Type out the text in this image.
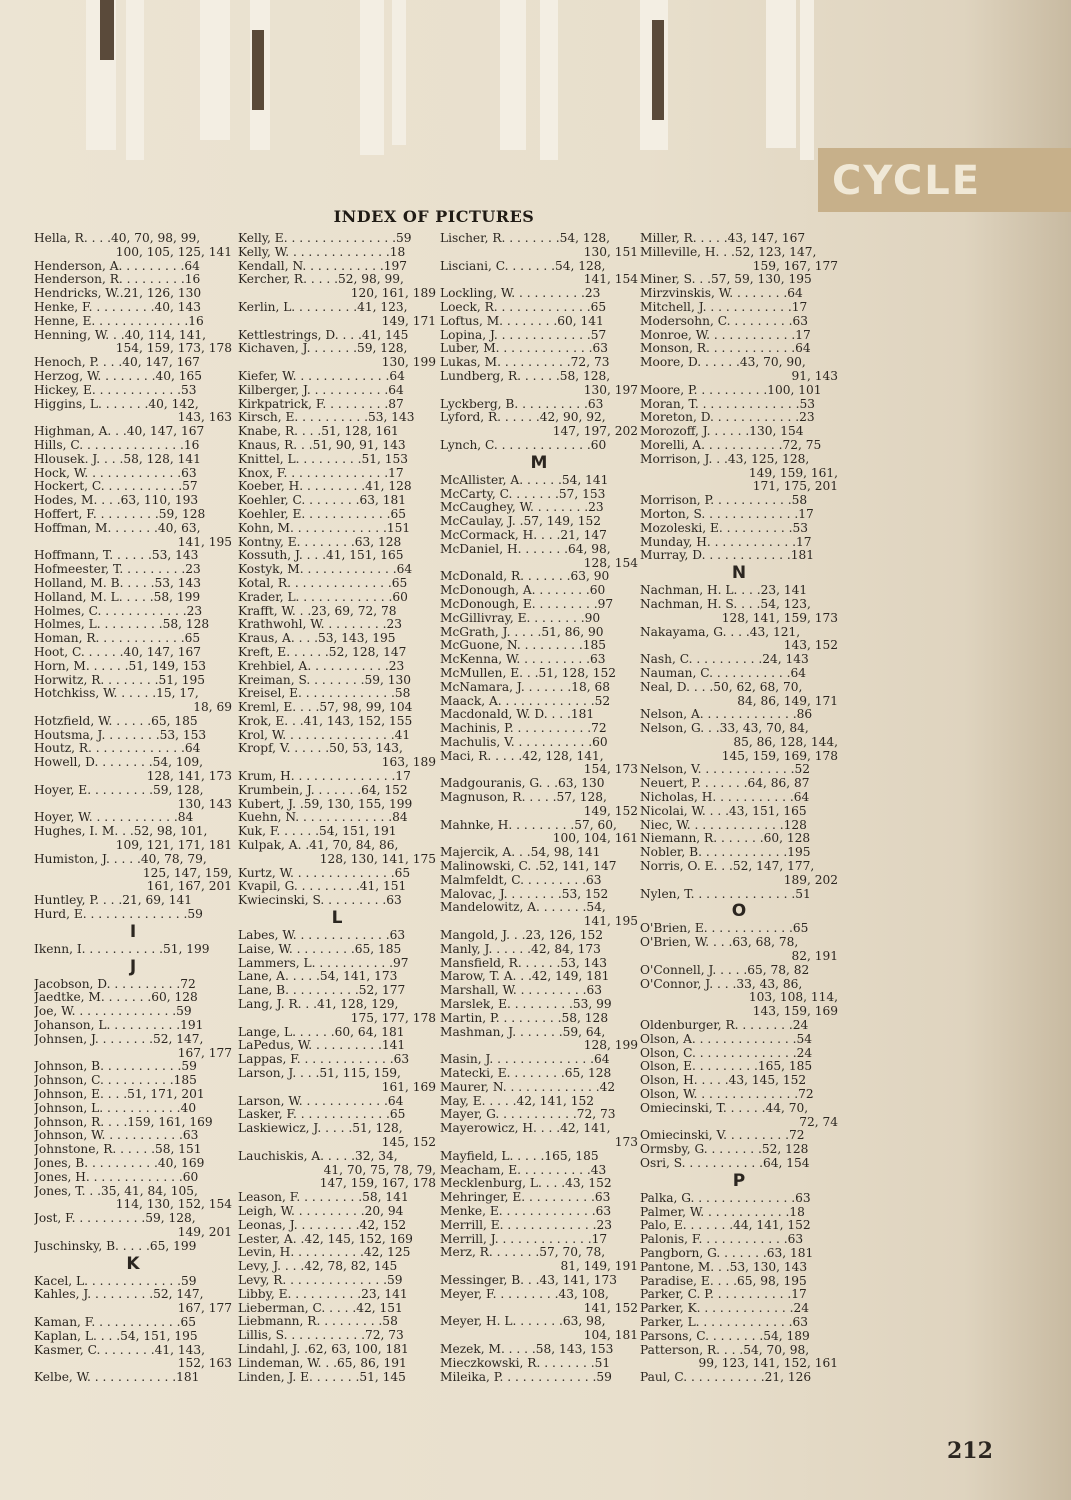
CYCLE
INDEX OF PICTURES
Hella, R. . . .40, 70, 98, 99,
100, 105, 125, 141
Henderson, A. . . . . . . . .64
Henderson, R. . . . . . . . .16
Hendricks, W..21, 126, 130
Henke, F. . . . . . . . .40, 143
Henne, E. . . . . . . . . . . . .16
Henning, W. . .40, 114, 141,
154, 159, 173, 178
Henoch, P. . . .40, 147, 167
Herzog, W. . . . . . . .40, 165
Hickey, E. . . . . . . . . . . .53
Higgins, L. . . . . . .40, 142,
143, 163
Highman, A. . .40, 147, 167
Hills, C. . . . . . . . . . . . . .16
Hlousek. J. . . .58, 128, 141
Hock, W. . . . . . . . . . . . .63
Hockert, C. . . . . . . . . . .57
Hodes, M. . . .63, 110, 193
Hoffert, F. . . . . . . . .59, 128
Hoffman, M. . . . . . .40, 63,
141, 195
Hoffmann, T. . . . . .53, 143
Hofmeester, T. . . . . . . . .23
Holland, M. B. . . . .53, 143
Holland, M. L. . . . .58, 199
Holmes, C. . . . . . . . . . . .23
Holmes, L. . . . . . . . .58, 128
Homan, R. . . . . . . . . . . .65
Hoot, C. . . . . .40, 147, 167
Horn, M. . . . . .51, 149, 153
Horwitz, R. . . . . . . .51, 195
Hotchkiss, W. . . . . .15, 17,
18, 69
Hotzfield, W. . . . . .65, 185
Houtsma, J. . . . . . . .53, 153
Houtz, R. . . . . . . . . . . . .64
Howell, D. . . . . . . .54, 109,
128, 141, 173
Hoyer, E. . . . . . . . .59, 128,
130, 143
Hoyer, W. . . . . . . . . . . .84
Hughes, I. M. . .52, 98, 101,
109, 121, 171, 181
Humiston, J. . . . .40, 78, 79,
125, 147, 159,
161, 167, 201
Huntley, P. . . .21, 69, 141
Hurd, E. . . . . . . . . . . . . .59
I
Ikenn, I. . . . . . . . . . .51, 199
J
Jacobson, D. . . . . . . . . .72
Jaedtke, M. . . . . . .60, 128
Joe, W. . . . . . . . . . . . . .59
Johanson, L. . . . . . . . . .191
Johnsen, J. . . . . . . .52, 147,
167, 177
Johnson, B. . . . . . . . . . .59
Johnson, C. . . . . . . . . .185
Johnson, E. . . .51, 171, 201
Johnson, L. . . . . . . . . . .40
Johnson, R. . . .159, 161, 169
Johnson, W. . . . . . . . . . .63
Johnstone, R. . . . . .58, 151
Jones, B. . . . . . . . . .40, 169
Jones, H. . . . . . . . . . . . .60
Jones, T. . .35, 41, 84, 105,
114, 130, 152, 154
Jost, F. . . . . . . . . .59, 128,
149, 201
Juschinsky, B. . . . .65, 199
K
Kacel, L. . . . . . . . . . . . .59
Kahles, J. . . . . . . . .52, 147,
167, 177
Kaman, F. . . . . . . . . . . .65
Kaplan, L. . . .54, 151, 195
Kasmer, C. . . . . . . .41, 143,
152, 163
Kelbe, W. . . . . . . . . . . .181
Kelly, E. . . . . . . . . . . . . . .59
Kelly, W. . . . . . . . . . . . . .18
Kendall, N. . . . . . . . . . .197
Kercher, R. . . . .52, 98, 99,
120, 161, 189
Kerlin, L. . . . . . . . .41, 123,
149, 171
Kettlestrings, D. . . .41, 145
Kichaven, J. . . . . . .59, 128,
130, 199
Kiefer, W. . . . . . . . . . . . .64
Kilberger, J. . . . . . . . . . .64
Kirkpatrick, F. . . . . . . . .87
Kirsch, E. . . . . . . . . .53, 143
Knabe, R. . . .51, 128, 161
Knaus, R. . .51, 90, 91, 143
Knittel, L. . . . . . . . .51, 153
Knox, F. . . . . . . . . . . . . .17
Koeber, H. . . . . . . . .41, 128
Koehler, C. . . . . . . .63, 181
Koehler, E. . . . . . . . . . . .65
Kohn, M. . . . . . . . . . . . .151
Kontny, E. . . . . . . .63, 128
Kossuth, J. . . .41, 151, 165
Kostyk, M. . . . . . . . . . . . .64
Kotal, R. . . . . . . . . . . . . .65
Krader, L. . . . . . . . . . . . .60
Krafft, W. . .23, 69, 72, 78
Krathwohl, W. . . . . . . . .23
Kraus, A. . . .53, 143, 195
Kreft, E. . . . . .52, 128, 147
Krehbiel, A. . . . . . . . . . .23
Kreiman, S. . . . . . . .59, 130
Kreisel, E. . . . . . . . . . . . .58
Kreml, E. . . .57, 98, 99, 104
Krok, E. . .41, 143, 152, 155
Krol, W. . . . . . . . . . . . . . .41
Kropf, V. . . . . .50, 53, 143,
163, 189
Krum, H. . . . . . . . . . . . . .17
Krumbein, J. . . . . . .64, 152
Kubert, J. .59, 130, 155, 199
Kuehn, N. . . . . . . . . . . . .84
Kuk, F. . . . . .54, 151, 191
Kulpak, A. .41, 70, 84, 86,
128, 130, 141, 175
Kurtz, W. . . . . . . . . . . . . .65
Kvapil, G. . . . . . . . .41, 151
Kwiecinski, S. . . . . . . . .63
L
Labes, W. . . . . . . . . . . . .63
Laise, W. . . . . . . . .65, 185
Lammers, L. . . . . . . . . . .97
Lane, A. . . . .54, 141, 173
Lane, B. . . . . . . . . .52, 177
Lang, J. R. . .41, 128, 129,
175, 177, 178
Lange, L. . . . . .60, 64, 181
LaPedus, W. . . . . . . . . .141
Lappas, F. . . . . . . . . . . . .63
Larson, J. . . .51, 115, 159,
161, 169
Larson, W. . . . . . . . . . . .64
Lasker, F. . . . . . . . . . . . .65
Laskiewicz, J. . . . .51, 128,
145, 152
Lauchiskis, A. . . . .32, 34,
41, 70, 75, 78, 79,
147, 159, 167, 178
Leason, F. . . . . . . . .58, 141
Leigh, W. . . . . . . . . .20, 94
Leonas, J. . . . . . . . .42, 152
Lester, A. .42, 145, 152, 169
Levin, H. . . . . . . . . .42, 125
Levy, J. . . .42, 78, 82, 145
Levy, R. . . . . . . . . . . . . .59
Libby, E. . . . . . . . . .23, 141
Lieberman, C. . . . .42, 151
Liebmann, R. . . . . . . . .58
Lillis, S. . . . . . . . . . .72, 73
Lindahl, J. .62, 63, 100, 181
Lindeman, W. . .65, 86, 191
Linden, J. E. . . . . . .51, 145
Lischer, R. . . . . . . .54, 128,
130, 151
Lisciani, C. . . . . . .54, 128,
141, 154
Lockling, W. . . . . . . . . .23
Loeck, R. . . . . . . . . . . . .65
Loftus, M. . . . . . . .60, 141
Lopina, J. . . . . . . . . . . . .57
Luber, M. . . . . . . . . . . . .63
Lukas, M. . . . . . . . . .72, 73
Lundberg, R. . . . . .58, 128,
130, 197
Lyckberg, B. . . . . . . . . .63
Lyford, R. . . . . .42, 90, 92,
147, 197, 202
Lynch, C. . . . . . . . . . . . .60
M
McAllister, A. . . . . .54, 141
McCarty, C. . . . . . .57, 153
McCaughey, W. . . . . . . .23
McCaulay, J. .57, 149, 152
McCormack, H. . . .21, 147
McDaniel, H. . . . . . .64, 98,
128, 154
McDonald, R. . . . . . .63, 90
McDonough, A. . . . . . . .60
McDonough, E. . . . . . . . .97
McGillivray, E. . . . . . . .90
McGrath, J. . . . .51, 86, 90
McGuone, N. . . . . . . . .185
McKenna, W. . . . . . . . . .63
McMullen, E. . .51, 128, 152
McNamara, J. . . . . . .18, 68
Maack, A. . . . . . . . . . . . .52
Macdonald, W. D. . . .181
Machinis, P. . . . . . . . . . .72
Machulis, V. . . . . . . . . . .60
Maci, R. . . . .42, 128, 141,
154, 173
Madgouranis, G. . .63, 130
Magnuson, R. . . . .57, 128,
149, 152
Mahnke, H. . . . . . . . .57, 60,
100, 104, 161
Majercik, A. . .54, 98, 141
Malinowski, C. .52, 141, 147
Malmfeldt, C. . . . . . . . .63
Malovac, J. . . . . . . .53, 152
Mandelowitz, A. . . . . . .54,
141, 195
Mangold, J. . .23, 126, 152
Manly, J. . . . . .42, 84, 173
Mansfield, R. . . . . .53, 143
Marow, T. A. . .42, 149, 181
Marshall, W. . . . . . . . . .63
Marslek, E. . . . . . . . .53, 99
Martin, P. . . . . . . . .58, 128
Mashman, J. . . . . . .59, 64,
128, 199
Masin, J. . . . . . . . . . . . . .64
Matecki, E. . . . . . . .65, 128
Maurer, N. . . . . . . . . . . . .42
May, E. . . . .42, 141, 152
Mayer, G. . . . . . . . . . .72, 73
Mayerowicz, H. . . .42, 141,
173
Mayfield, L. . . . .165, 185
Meacham, E. . . . . . . . . .43
Mecklenburg, L. . . .43, 152
Mehringer, E. . . . . . . . . .63
Menke, E. . . . . . . . . . . . .63
Merrill, E. . . . . . . . . . . . .23
Merrill, J. . . . . . . . . . . . .17
Merz, R. . . . . . .57, 70, 78,
81, 149, 191
Messinger, B. . .43, 141, 173
Meyer, F. . . . . . . . .43, 108,
141, 152
Meyer, H. L. . . . . . .63, 98,
104, 181
Mezek, M. . . . .58, 143, 153
Mieczkowski, R. . . . . . . .51
Mileika, P. . . . . . . . . . . . .59
Miller, R. . . . .43, 147, 167
Milleville, H. . .52, 123, 147,
159, 167, 177
Miner, S. . .57, 59, 130, 195
Mirzvinskis, W. . . . . . . .64
Mitchell, J. . . . . . . . . . . .17
Modersohn, C. . . . . . . . .63
Monroe, W. . . . . . . . . . . .17
Monson, R. . . . . . . . . . . .64
Moore, D. . . . . .43, 70, 90,
91, 143
Moore, P. . . . . . . . . .100, 101
Moran, T. . . . . . . . . . . . . .53
Moreton, D. . . . . . . . . . . .23
Morozoff, J. . . . . .130, 154
Morelli, A. . . . . . . . . . .72, 75
Morrison, J. . .43, 125, 128,
149, 159, 161,
171, 175, 201
Morrison, P. . . . . . . . . . .58
Morton, S. . . . . . . . . . . . .17
Mozoleski, E. . . . . . . . . .53
Munday, H. . . . . . . . . . . .17
Murray, D. . . . . . . . . . . .181
N
Nachman, H. L. . . .23, 141
Nachman, H. S. . . .54, 123,
128, 141, 159, 173
Nakayama, G. . . .43, 121,
143, 152
Nash, C. . . . . . . . . .24, 143
Nauman, C. . . . . . . . . . .64
Neal, D. . . .50, 62, 68, 70,
84, 86, 149, 171
Nelson, A. . . . . . . . . . . . .86
Nelson, G. . .33, 43, 70, 84,
85, 86, 128, 144,
145, 159, 169, 178
Nelson, V. . . . . . . . . . . . .52
Neuert, P. . . . . . .64, 86, 87
Nicholas, H. . . . . . . . . . .64
Nicolai, W. . . .43, 151, 165
Niec, W. . . . . . . . . . . . .128
Niemann, R. . . . . . .60, 128
Nobler, B. . . . . . . . . . . .195
Norris, O. E. . .52, 147, 177,
189, 202
Nylen, T. . . . . . . . . . . . . .51
O
O'Brien, E. . . . . . . . . . . .65
O'Brien, W. . . .63, 68, 78,
82, 191
O'Connell, J. . . . .65, 78, 82
O'Connor, J. . . .33, 43, 86,
103, 108, 114,
143, 159, 169
Oldenburger, R. . . . . . . .24
Olson, A. . . . . . . . . . . . . .54
Olson, C. . . . . . . . . . . . . .24
Olson, E. . . . . . . . .165, 185
Olson, H. . . . .43, 145, 152
Olson, W. . . . . . . . . . . . . .72
Omiecinski, T. . . . . .44, 70,
72, 74
Omiecinski, V. . . . . . . . .72
Ormsby, G. . . . . . . .52, 128
Osri, S. . . . . . . . . . .64, 154
P
Palka, G. . . . . . . . . . . . . .63
Palmer, W. . . . . . . . . . . .18
Palo, E. . . . . . .44, 141, 152
Palonis, F. . . . . . . . . . . .63
Pangborn, G. . . . . . .63, 181
Pantone, M. . .53, 130, 143
Paradise, E. . . .65, 98, 195
Parker, C. P. . . . . . . . . . .17
Parker, K. . . . . . . . . . . . .24
Parker, L. . . . . . . . . . . . .63
Parsons, C. . . . . . . .54, 189
Patterson, R. . . .54, 70, 98,
99, 123, 141, 152, 161
Paul, C. . . . . . . . . . .21, 126
212
